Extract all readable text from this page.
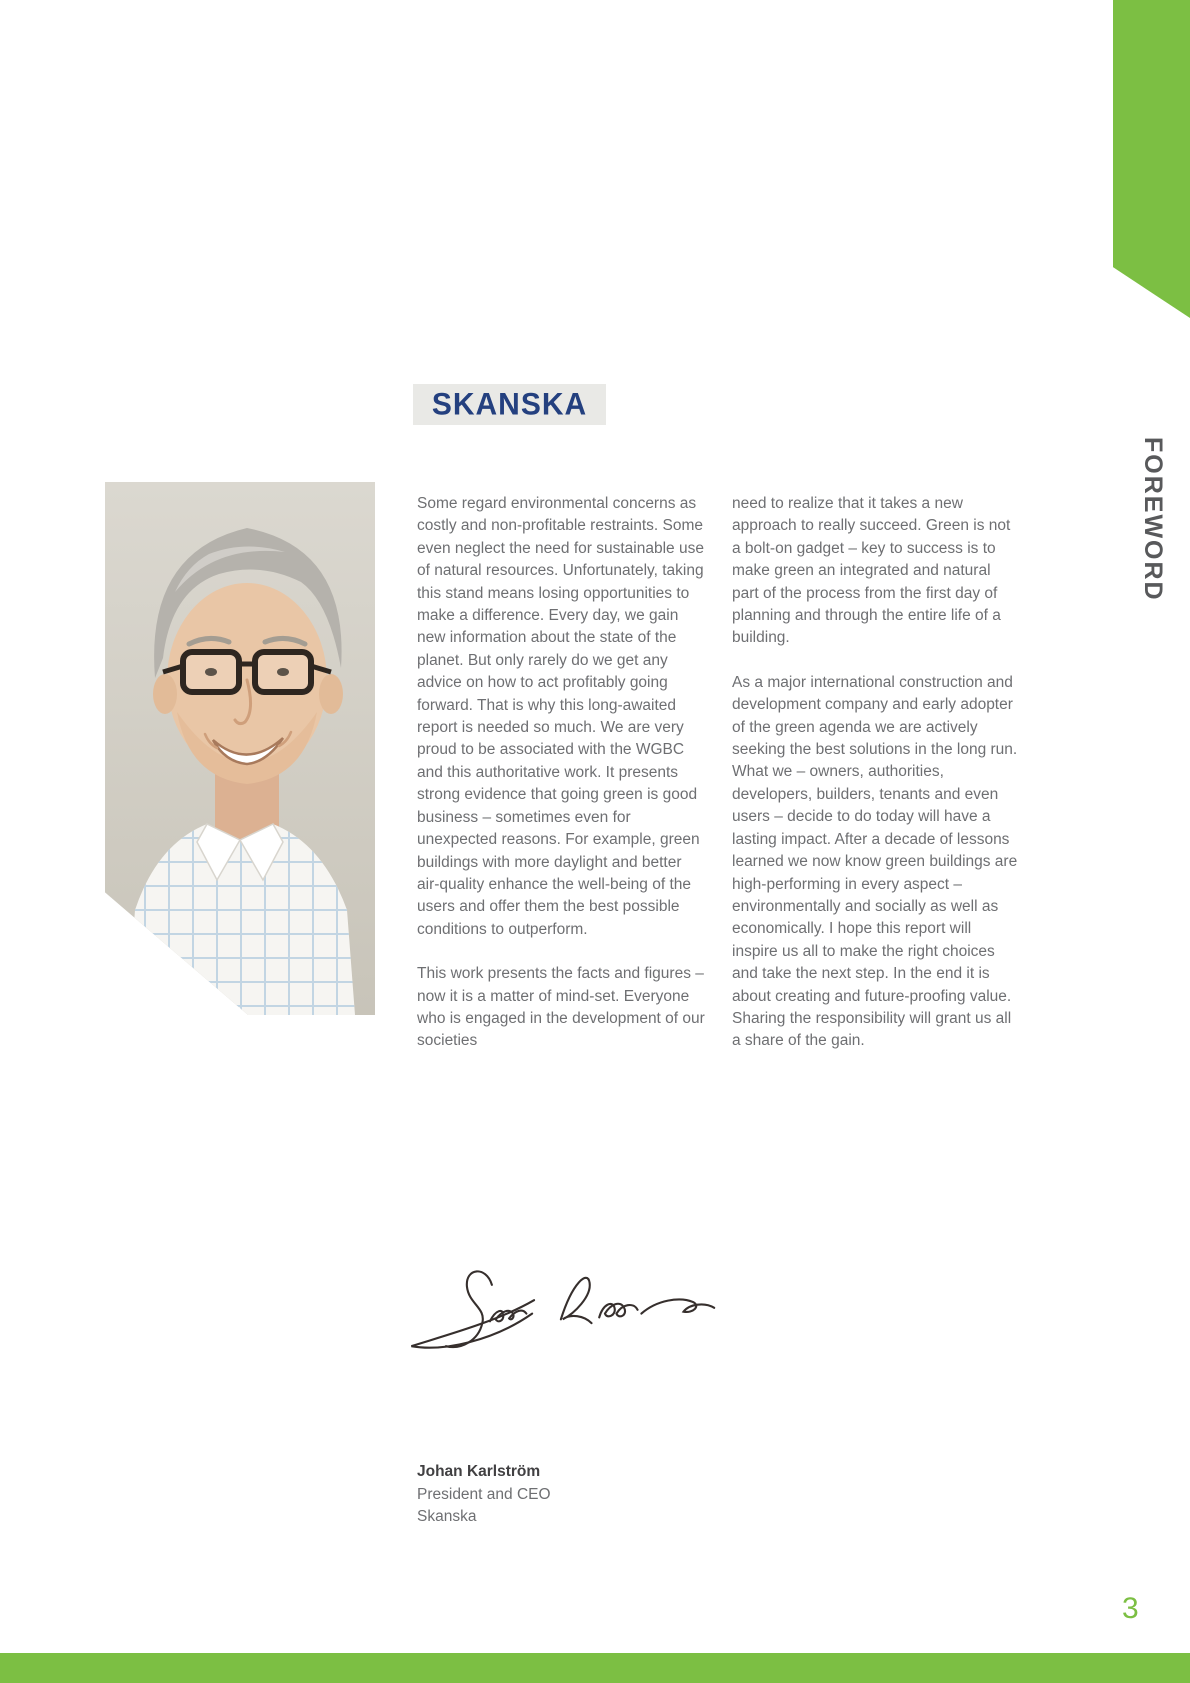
FOREWORD
SKANSKA

Some regard environmental concerns as costly and non-profitable restraints. Some even neglect the need for sustainable use of natural resources. Unfortunately, taking this stand means losing opportunities to make a difference. Every day, we gain new information about the state of the planet. But only rarely do we get any advice on how to act profitably going forward. That is why this long-awaited report is needed so much. We are very proud to be associated with the WGBC and this authoritative work. It presents strong evidence that going green is good business – sometimes even for unexpected reasons. For example, green buildings with more daylight and better air-quality enhance the well-being of the users and offer them the best possible conditions to outperform.

This work presents the facts and figures – now it is a matter of mind-set. Everyone who is engaged in the development of our societies

need to realize that it takes a new approach to really succeed. Green is not a bolt-on gadget – key to success is to make green an integrated and natural part of the process from the first day of planning and through the entire life of a building.

As a major international construction and development company and early adopter of the green agenda we are actively seeking the best solutions in the long run. What we – owners, authorities, developers, builders, tenants and even users – decide to do today will have a lasting impact. After a decade of lessons learned we now know green buildings are high-performing in every aspect – environmentally and socially as well as economically. I hope this report will inspire us all to make the right choices and take the next step. In the end it is about creating and future-proofing value. Sharing the responsibility will grant us all a share of the gain.

Johan Karlström
President and CEO
Skanska
3
